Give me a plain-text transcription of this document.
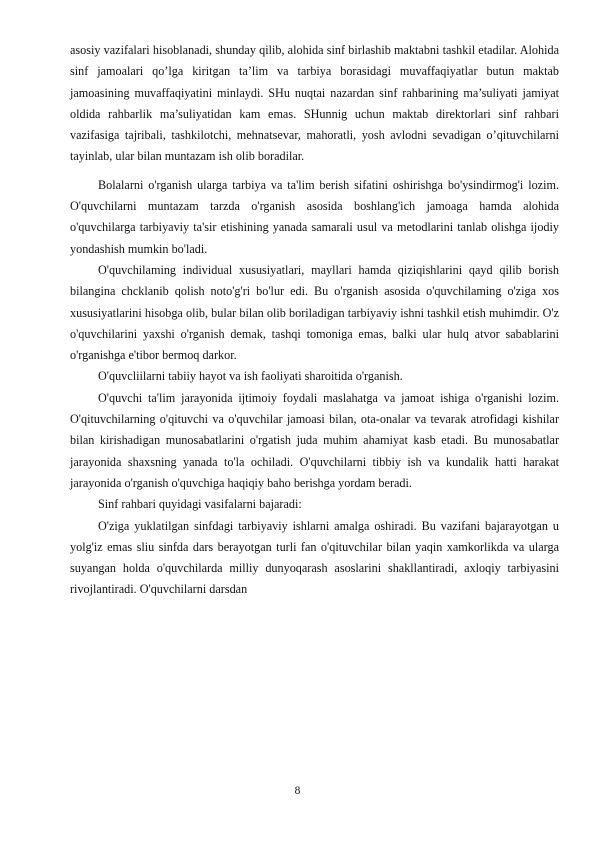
asosiy vazifalari hisoblanadi, shunday qilib, alohida sinf birlashib maktabni tashkil etadilar. Alohida sinf jamoalari qo’lga kiritgan ta’lim va tarbiya borasidagi muvaffaqiyatlar butun maktab jamoasining muvaffaqiyatini minlaydi. SHu nuqtai nazardan sinf rahbarining ma’suliyati jamiyat oldida rahbarlik ma’suliyatidan kam emas. SHunnig uchun maktab direktorlari sinf rahbari vazifasiga tajribali, tashkilotchi, mehnatsevar, mahoratli, yosh avlodni sevadigan o’qituvchilarni tayinlab, ular bilan muntazam ish olib boradilar.

Bolalarni o'rganish ularga tarbiya va ta'lim berish sifatini oshirishga bo'ysindirmog'i lozim. O'quvchilarni muntazam tarzda o'rganish asosida boshlang'ich jamoaga hamda alohida o'quvchilarga tarbiyaviy ta'sir etishining yanada samarali usul va metodlarini tanlab olishga ijodiy yondashish mumkin bo'ladi.

O'quvchilaming individual xususiyatlari, mayllari hamda qiziqishlarini qayd qilib borish bilangina chcklanib qolish noto'g'ri bo'lur edi. Bu o'rganish asosida o'quvchilaming o'ziga xos xususiyatlarini hisobga olib, bular bilan olib boriladigan tarbiyaviy ishni tashkil etish muhimdir. O'z o'quvchilarini yaxshi o'rganish demak, tashqi tomoniga emas, balki ular hulq atvor sabablarini o'rganishga e'tibor bermoq darkor.

O'quvcliilarni tabiiy hayot va ish faoliyati sharoitida o'rganish.

O'quvchi ta'lim jarayonida ijtimoiy foydali maslahatga va jamoat ishiga o'rganishi lozim. O'qituvchilarning o'qituvchi va o'quvchilar jamoasi bilan, ota-onalar va tevarak atrofidagi kishilar bilan kirishadigan munosabatlarini o'rgatish juda muhim ahamiyat kasb etadi. Bu munosabatlar jarayonida shaxsning yanada to'la ochiladi. O'quvchilarni tibbiy ish va kundalik hatti harakat jarayonida o'rganish o'quvchiga haqiqiy baho berishga yordam beradi.

Sinf rahbari quyidagi vasifalarni bajaradi:

O'ziga yuklatilgan sinfdagi tarbiyaviy ishlarni amalga oshiradi. Bu vazifani bajarayotgan u yolg'iz emas sliu sinfda dars berayotgan turli fan o'qituvchilar bilan yaqin xamkorlikda va ularga suyangan holda o'quvchilarda milliy dunyoqarash asoslarini shakllantiradi, axloqiy tarbiyasini rivojlantiradi. O'quvchilarni darsdan

8
